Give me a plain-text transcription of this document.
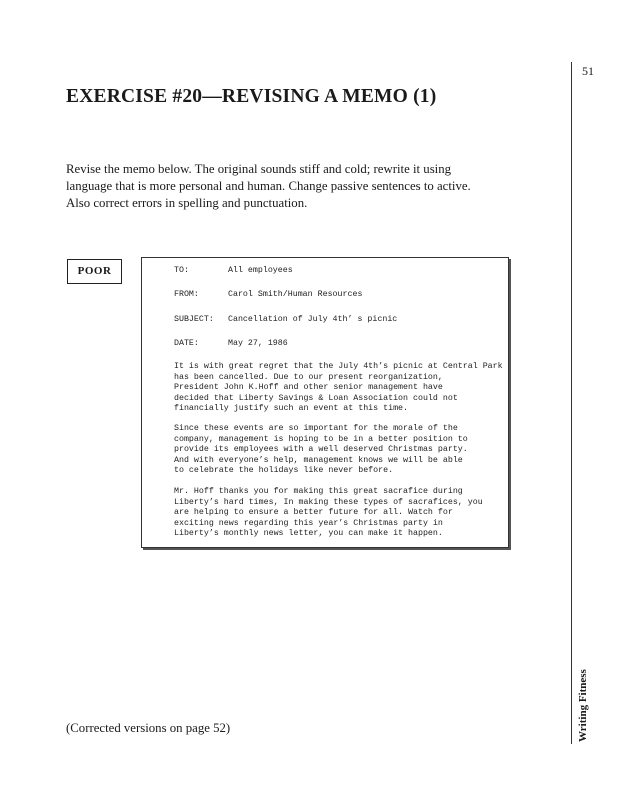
51
Writing Fitness
EXERCISE #20—REVISING A MEMO (1)
Revise the memo below. The original sounds stiff and cold; rewrite it using
language that is more personal and human. Change passive sentences to active.
Also correct errors in spelling and punctuation.
POOR	TO:	All employees
FROM:	Carol Smith/Human Resources
SUBJECT: Cancellation of July 4th’ s picnic
DATE:	May 27, 1986
It is with great regret that the July 4th’s picnic at Central Park
has been cancelled. Due to our present reorganization,
President John K.Hoff and other senior management have
decided that Liberty Savings & Loan Association could not
financially justify such an event at this time.
Since these events are so important for the morale of the
company, management is hoping to be in a better position to
provide its employees with a well deserved Christmas party.
And with everyone’s help, management knows we will be able
to celebrate the holidays like never before.
Mr. Hoff thanks you for making this great sacrafice during
Liberty’s hard times, In making these types of sacrafices, you
are helping to ensure a better future for all. Watch for
exciting news regarding this year’s Christmas party in
Liberty’s monthly news letter, you can make it happen.
(Corrected versions on page 52)
